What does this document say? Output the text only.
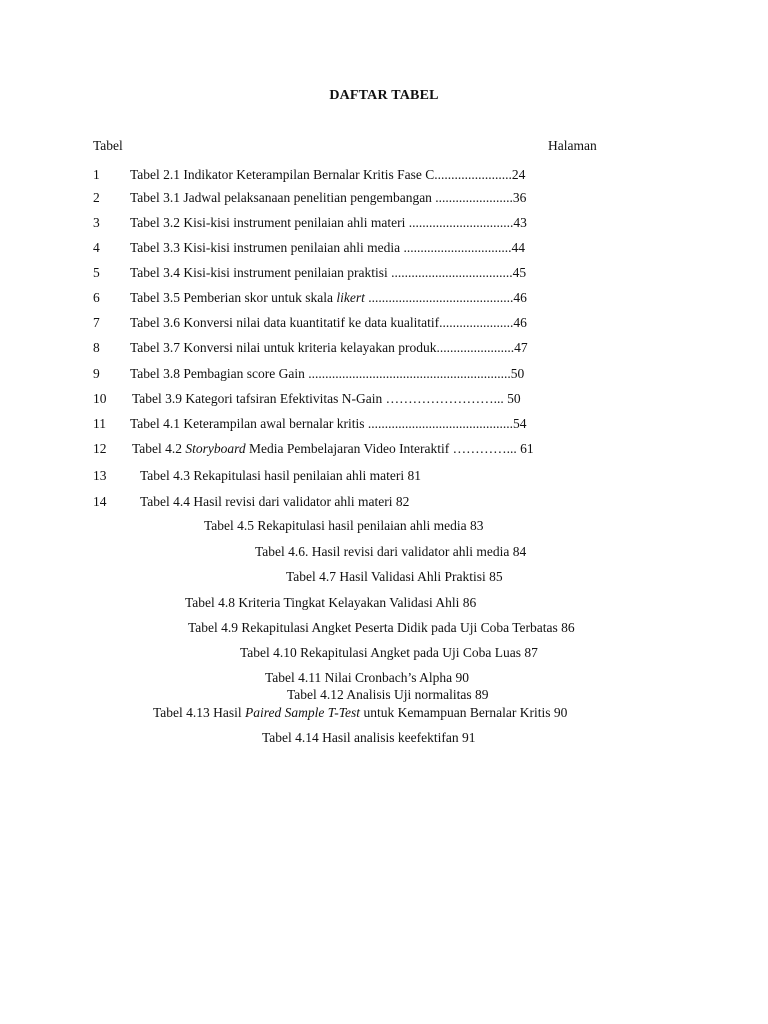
DAFTAR TABEL
Tabel	Halaman
1 Tabel 2.1 Indikator Keterampilan Bernalar Kritis Fase C.......................24
2 Tabel 3.1 Jadwal pelaksanaan penelitian pengembangan .......................36
3 Tabel 3.2 Kisi-kisi instrument penilaian ahli materi ...............................43
4 Tabel 3.3 Kisi-kisi instrumen penilaian ahli media ................................44
5 Tabel 3.4 Kisi-kisi instrument penilaian praktisi ....................................45
6 Tabel 3.5 Pemberian skor untuk skala likert ...........................................46
7 Tabel 3.6 Konversi nilai data kuantitatif ke data kualitatif......................46
8 Tabel 3.7 Konversi nilai untuk kriteria kelayakan produk.......................47
9 Tabel 3.8 Pembagian score Gain ............................................................50
10 Tabel 3.9 Kategori tafsiran Efektivitas N-Gain ……………………... 50
11 Tabel 4.1 Keterampilan awal bernalar kritis ...........................................54
12 Tabel 4.2 Storyboard Media Pembelajaran Video Interaktif …………... 61
13 Tabel 4.3 Rekapitulasi hasil penilaian ahli materi 81
14 Tabel 4.4 Hasil revisi dari validator ahli materi 82
Tabel 4.5 Rekapitulasi hasil penilaian ahli media 83
Tabel 4.6. Hasil revisi dari validator ahli media 84
Tabel 4.7 Hasil Validasi Ahli Praktisi 85
Tabel 4.8 Kriteria Tingkat Kelayakan Validasi Ahli 86
Tabel 4.9 Rekapitulasi Angket Peserta Didik pada Uji Coba Terbatas 86
Tabel 4.10 Rekapitulasi Angket pada Uji Coba Luas 87
Tabel 4.11 Nilai Cronbach’s Alpha 90
Tabel 4.12 Analisis Uji normalitas 89
Tabel 4.13 Hasil Paired Sample T-Test untuk Kemampuan Bernalar Kritis 90
Tabel 4.14 Hasil analisis keefektifan 91
